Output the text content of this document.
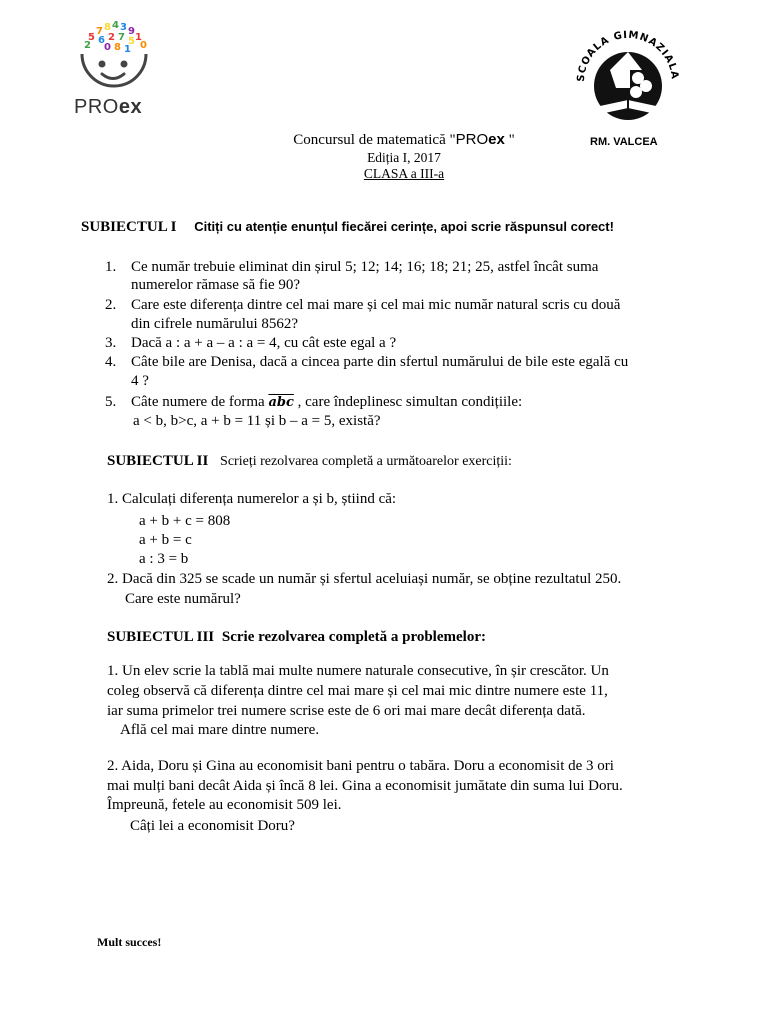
5
7 8 4 3 9
1
0
2 6 2 7 5
0 8 1
PROex
SCOALA GIMNAZIALA
RM. VALCEA
Concursul de matematică "PROex "
Ediția I, 2017
CLASA a III-a
SUBIECTUL I Citiți cu atenție enunțul fiecărei cerințe, apoi scrie răspunsul corect!
1. Ce număr trebuie eliminat din șirul 5; 12; 14; 16; 18; 21; 25, astfel încât suma
numerelor rămase să fie 90?
2. Care este diferența dintre cel mai mare și cel mai mic număr natural scris cu două
din cifrele numărului 8562?
3. Dacă a : a + a – a : a = 4, cu cât este egal a ?
4. Câte bile are Denisa, dacă a cincea parte din sfertul numărului de bile este egală cu
4 ?
5. Câte numere de forma $\overline{abc}$ , care îndeplinesc simultan condițiile:
a < b, b>c, a + b = 11 și b – a = 5, există?
SUBIECTUL II Scrieți rezolvarea completă a următoarelor exerciții:
1. Calculați diferența numerelor a și b, știind că:
a + b + c = 808
a + b = c
a : 3 = b
2. Dacă din 325 se scade un număr și sfertul aceluiași număr, se obține rezultatul 250.
Care este numărul?
SUBIECTUL III Scrie rezolvarea completă a problemelor:
1. Un elev scrie la tablă mai multe numere naturale consecutive, în șir crescător. Un
coleg observă că diferența dintre cel mai mare și cel mai mic dintre numere este 11,
iar suma primelor trei numere scrise este de 6 ori mai mare decât diferența dată.
Află cel mai mare dintre numere.
2. Aida, Doru și Gina au economisit bani pentru o tabăra. Doru a economisit de 3 ori
mai mulți bani decât Aida și încă 8 lei. Gina a economisit jumătate din suma lui Doru.
Împreună, fetele au economisit 509 lei.
Câți lei a economisit Doru?
Mult succes!
